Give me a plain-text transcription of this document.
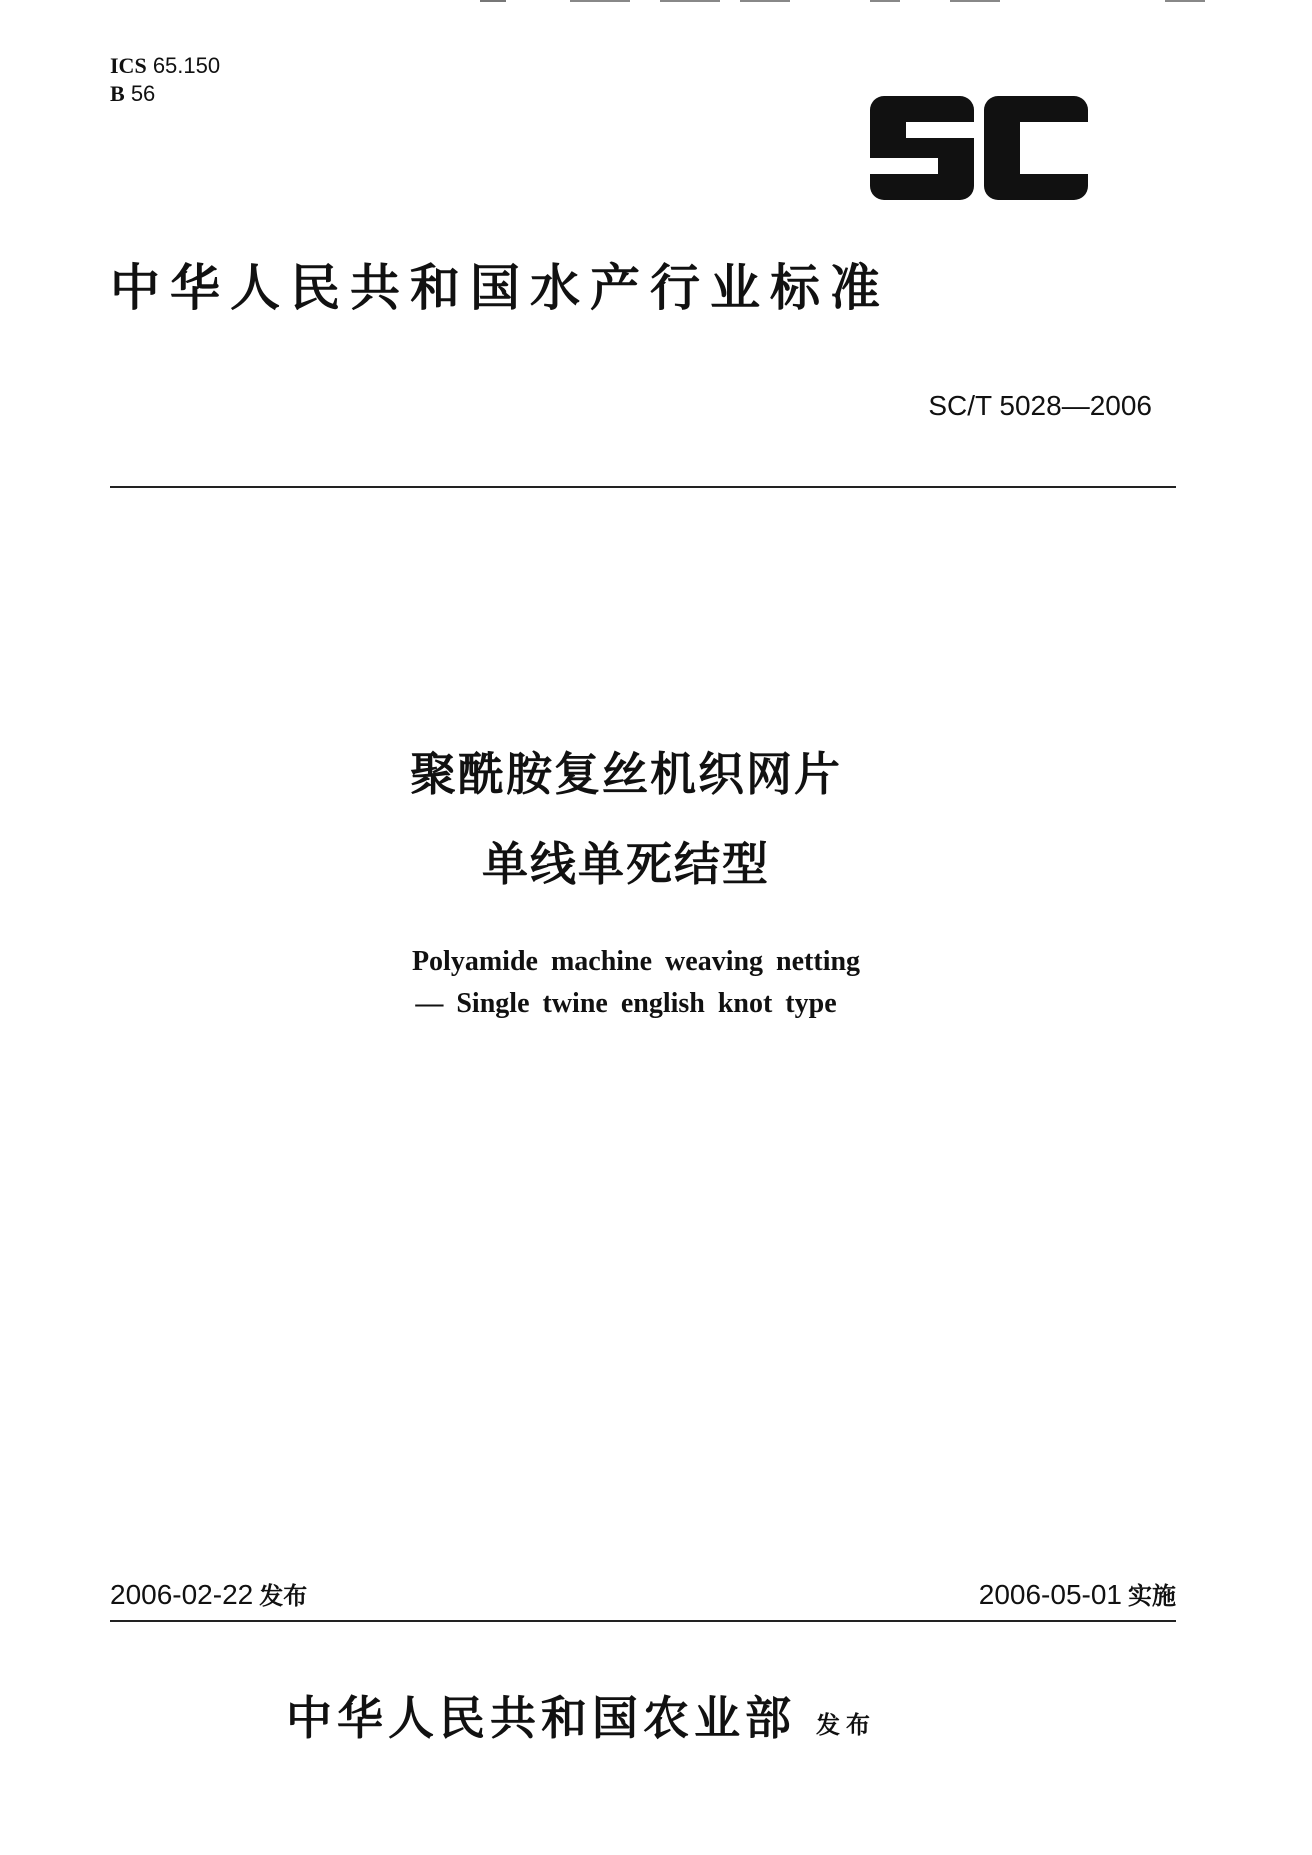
ICS 65.150
B 56
中华人民共和国水产行业标准
SC/T 5028—2006
聚酰胺复丝机织网片
单线单死结型
Polyamide machine weaving netting
— Single twine english knot type
2006-02-22 发布	2006-05-01 实施
中华人民共和国农业部 发布
